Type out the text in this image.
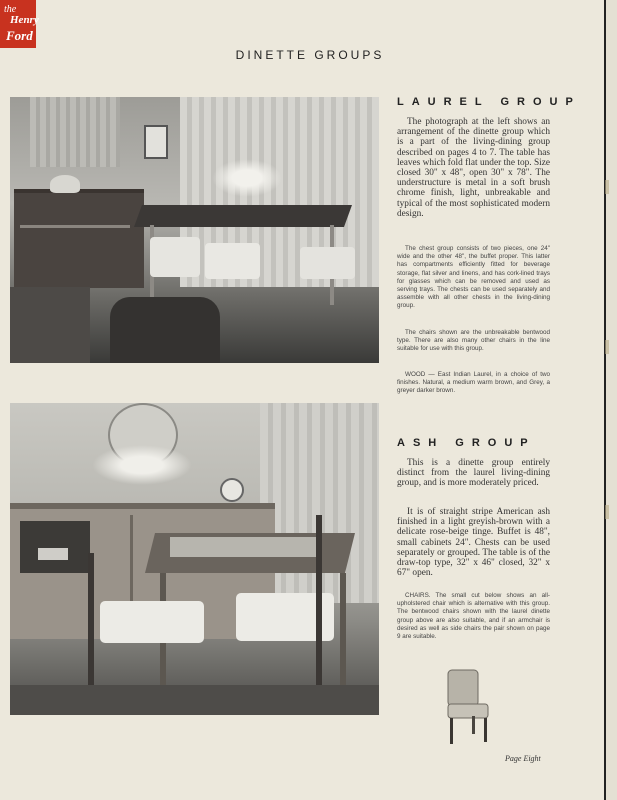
the
Henry
Ford
DINETTE GROUPS
LAUREL GROUP

The photograph at the left shows an arrangement of the dinette group which is a part of the living-dining group described on pages 4 to 7. The table has leaves which fold flat under the top. Size closed 30" x 48", open 30" x 78". The understructure is metal in a soft brush chrome finish, light, unbreakable and typical of the most sophisticated modern design.

The chest group consists of two pieces, one 24" wide and the other 48", the buffet proper. This latter has compartments efficiently fitted for beverage storage, flat silver and linens, and has cork-lined trays for glasses which can be removed and used as serving trays. The chests can be used separately and assemble with all other chests in the living-dining group.

The chairs shown are the unbreakable bentwood type. There are also many other chairs in the line suitable for use with this group.

WOOD — East Indian Laurel, in a choice of two finishes. Natural, a medium warm brown, and Grey, a greyer darker brown.

ASH GROUP

This is a dinette group entirely distinct from the laurel living-dining group, and is more moderately priced.

It is of straight stripe American ash finished in a light greyish-brown with a delicate rose-beige tinge. Buffet is 48", small cabinets 24". Chests can be used separately or grouped. The table is of the draw-top type, 32" x 46" closed, 32" x 67" open.

CHAIRS. The small cut below shows an all-upholstered chair which is alternative with this group. The bentwood chairs shown with the laurel dinette group above are also suitable, and if an armchair is desired as well as side chairs the pair shown on page 9 are suitable.

Page Eight
